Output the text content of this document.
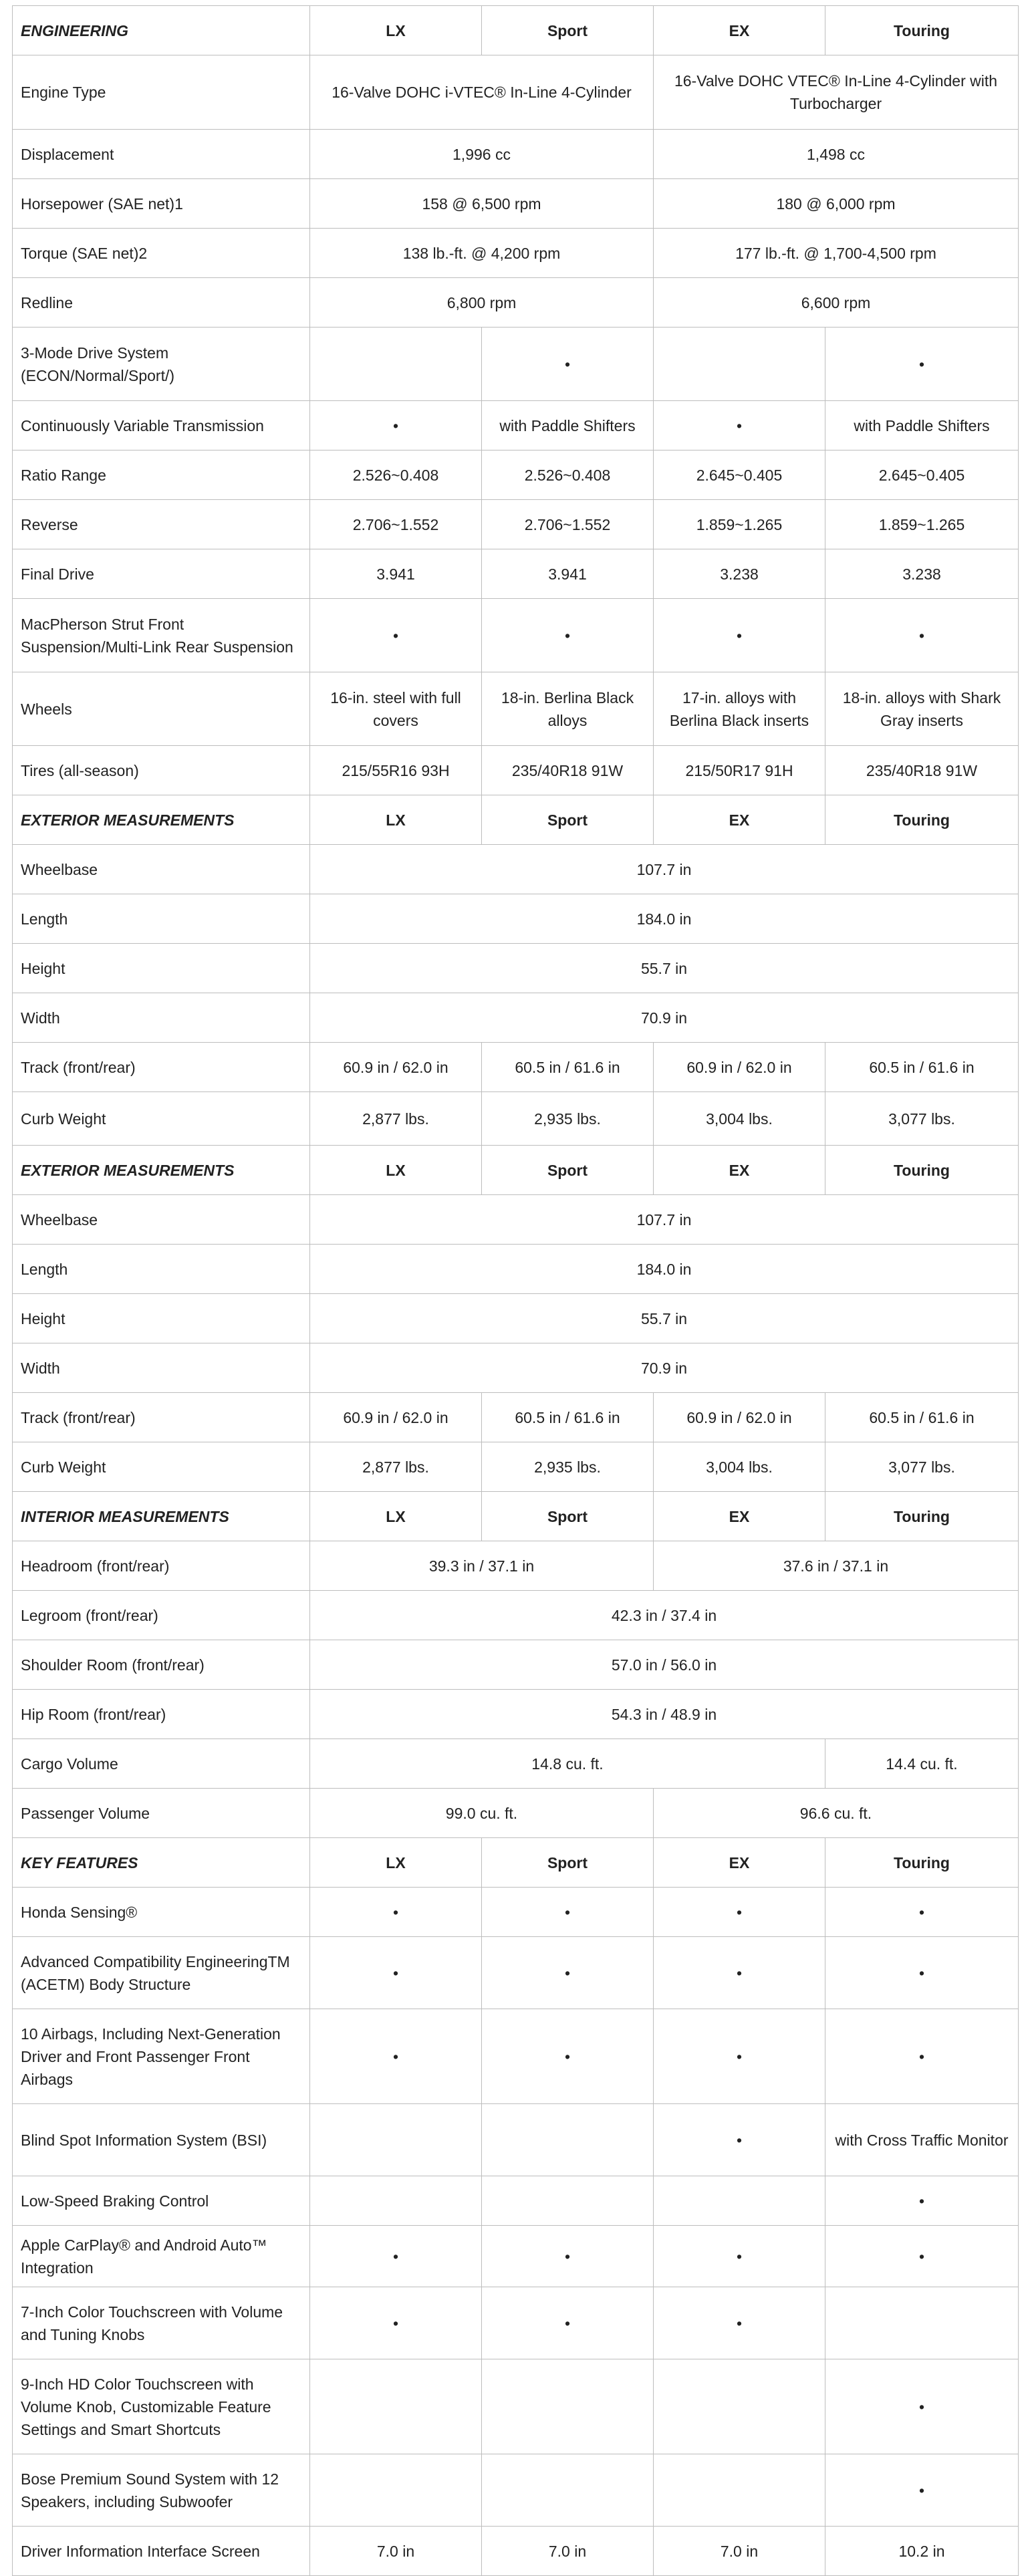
ENGINEERING	LX	Sport	EX	Touring
Engine Type	16-Valve DOHC i-VTEC® In-Line 4-Cylinder		16-Valve DOHC VTEC® In-Line 4-Cylinder with Turbocharger	
Displacement	1,996 cc		1,498 cc	
Horsepower (SAE net)1	158 @ 6,500 rpm		180 @ 6,000 rpm	
Torque (SAE net)2	138 lb.-ft. @ 4,200 rpm		177 lb.-ft. @ 1,700-4,500 rpm	
Redline	6,800 rpm		6,600 rpm	
3-Mode Drive System (ECON/Normal/Sport/)		•		•
Continuously Variable Transmission	•	with Paddle Shifters	•	with Paddle Shifters
Ratio Range	2.526~0.408	2.526~0.408	2.645~0.405	2.645~0.405
Reverse	2.706~1.552	2.706~1.552	1.859~1.265	1.859~1.265
Final Drive	3.941	3.941	3.238	3.238
MacPherson Strut Front Suspension/Multi-Link Rear Suspension	•	•	•	•
Wheels	16-in. steel with full covers	18-in. Berlina Black alloys	17-in. alloys with Berlina Black inserts	18-in. alloys with Shark Gray inserts
Tires (all-season)	215/55R16 93H	235/40R18 91W	215/50R17 91H	235/40R18 91W
EXTERIOR MEASUREMENTS	LX	Sport	EX	Touring
Wheelbase	107.7 in			
Length	184.0 in			
Height	55.7 in			
Width	70.9 in			
Track (front/rear)	60.9 in / 62.0 in	60.5 in / 61.6 in	60.9 in / 62.0 in	60.5 in / 61.6 in
Curb Weight	2,877 lbs.	2,935 lbs.	3,004 lbs.	3,077 lbs.
EXTERIOR MEASUREMENTS	LX	Sport	EX	Touring
Wheelbase	107.7 in			
Length	184.0 in			
Height	55.7 in			
Width	70.9 in			
Track (front/rear)	60.9 in / 62.0 in	60.5 in / 61.6 in	60.9 in / 62.0 in	60.5 in / 61.6 in
Curb Weight	2,877 lbs.	2,935 lbs.	3,004 lbs.	3,077 lbs.
INTERIOR MEASUREMENTS	LX	Sport	EX	Touring
Headroom (front/rear)	39.3 in / 37.1 in		37.6 in / 37.1 in	
Legroom (front/rear)	42.3 in / 37.4 in			
Shoulder Room (front/rear)	57.0 in / 56.0 in			
Hip Room (front/rear)	54.3 in / 48.9 in			
Cargo Volume	14.8 cu. ft.			14.4 cu. ft.
Passenger Volume	99.0 cu. ft.		96.6 cu. ft.	
KEY FEATURES	LX	Sport	EX	Touring
Honda Sensing®	•	•	•	•
Advanced Compatibility EngineeringTM (ACETM) Body Structure	•	•	•	•
10 Airbags, Including Next-Generation Driver and Front Passenger Front Airbags	•	•	•	•
Blind Spot Information System (BSI)			•	with Cross Traffic Monitor
Low-Speed Braking Control				•
Apple CarPlay® and Android Auto™ Integration	•	•	•	•
7-Inch Color Touchscreen with Volume and Tuning Knobs	•	•	•	
9-Inch HD Color Touchscreen with Volume Knob, Customizable Feature Settings and Smart Shortcuts				•
Bose Premium Sound System with 12 Speakers, including Subwoofer				•
Driver Information Interface Screen	7.0 in	7.0 in	7.0 in	10.2 in
